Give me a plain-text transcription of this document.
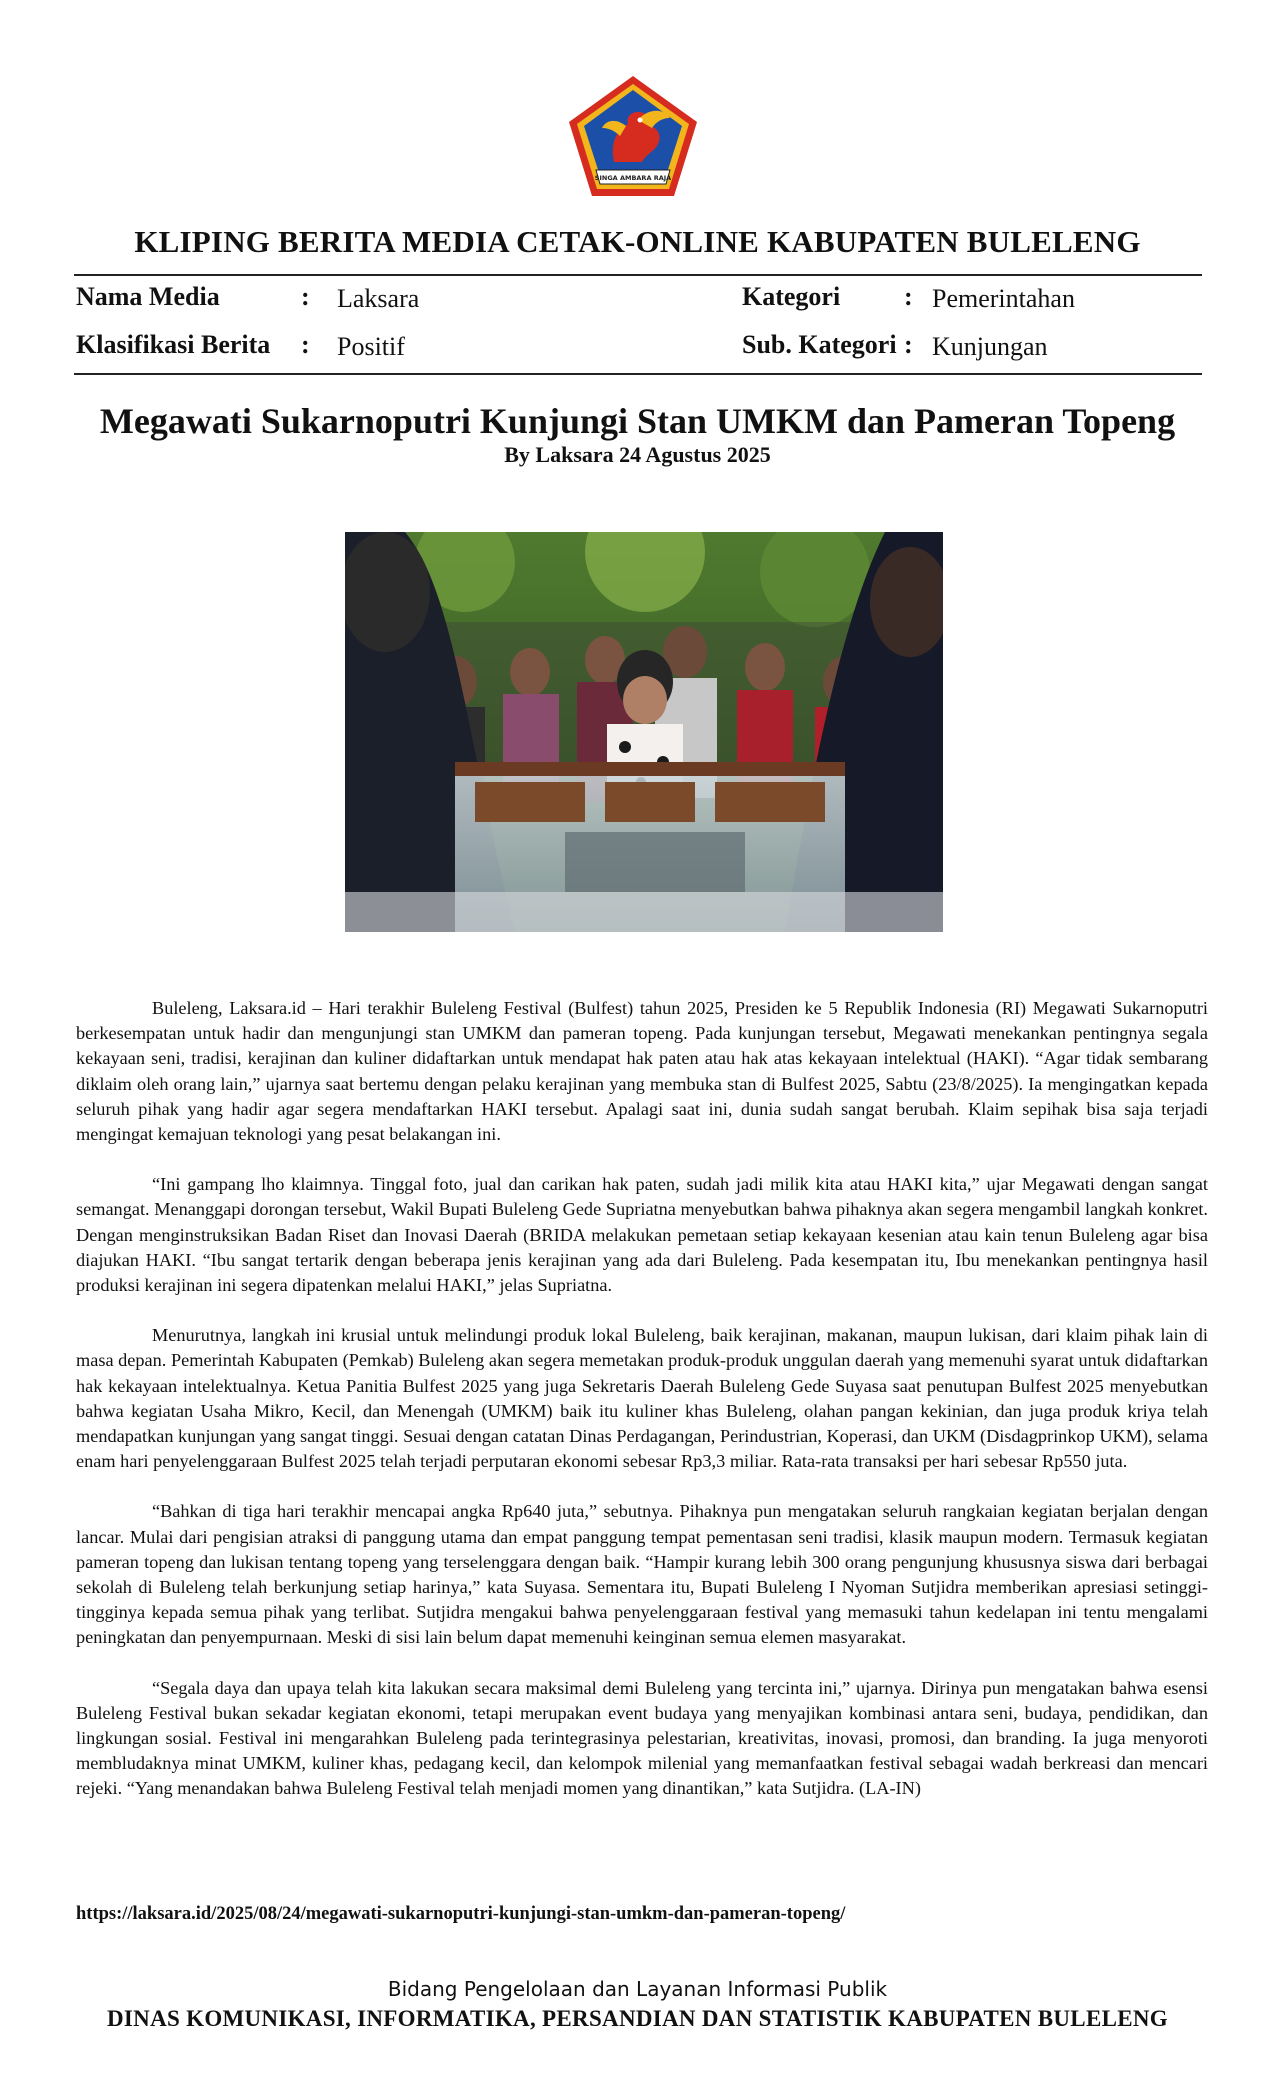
SINGA AMBARA RAJA
KLIPING BERITA MEDIA CETAK-ONLINE KABUPATEN BULELENG
Nama Media	: Laksara
Klasifikasi Berita : Positif
Kategori : Pemerintahan
Sub. Kategori : Kunjungan
Megawati Sukarnoputri Kunjungi Stan UMKM dan Pameran Topeng
By Laksara 24 Agustus 2025

Buleleng, Laksara.id – Hari terakhir Buleleng Festival (Bulfest) tahun 2025, Presiden ke 5 Republik Indonesia (RI) Megawati Sukarnoputri berkesempatan untuk hadir dan mengunjungi stan UMKM dan pameran topeng. Pada kunjungan tersebut, Megawati menekankan pentingnya segala kekayaan seni, tradisi, kerajinan dan kuliner didaftarkan untuk mendapat hak paten atau hak atas kekayaan intelektual (HAKI). “Agar tidak sembarang diklaim oleh orang lain,” ujarnya saat bertemu dengan pelaku kerajinan yang membuka stan di Bulfest 2025, Sabtu (23/8/2025). Ia mengingatkan kepada seluruh pihak yang hadir agar segera mendaftarkan HAKI tersebut. Apalagi saat ini, dunia sudah sangat berubah. Klaim sepihak bisa saja terjadi mengingat kemajuan teknologi yang pesat belakangan ini.

“Ini gampang lho klaimnya. Tinggal foto, jual dan carikan hak paten, sudah jadi milik kita atau HAKI kita,” ujar Megawati dengan sangat semangat. Menanggapi dorongan tersebut, Wakil Bupati Buleleng Gede Supriatna menyebutkan bahwa pihaknya akan segera mengambil langkah konkret. Dengan menginstruksikan Badan Riset dan Inovasi Daerah (BRIDA melakukan pemetaan setiap kekayaan kesenian atau kain tenun Buleleng agar bisa diajukan HAKI. “Ibu sangat tertarik dengan beberapa jenis kerajinan yang ada dari Buleleng. Pada kesempatan itu, Ibu menekankan pentingnya hasil produksi kerajinan ini segera dipatenkan melalui HAKI,” jelas Supriatna.

Menurutnya, langkah ini krusial untuk melindungi produk lokal Buleleng, baik kerajinan, makanan, maupun lukisan, dari klaim pihak lain di masa depan. Pemerintah Kabupaten (Pemkab) Buleleng akan segera memetakan produk-produk unggulan daerah yang memenuhi syarat untuk didaftarkan hak kekayaan intelektualnya. Ketua Panitia Bulfest 2025 yang juga Sekretaris Daerah Buleleng Gede Suyasa saat penutupan Bulfest 2025 menyebutkan bahwa kegiatan Usaha Mikro, Kecil, dan Menengah (UMKM) baik itu kuliner khas Buleleng, olahan pangan kekinian, dan juga produk kriya telah mendapatkan kunjungan yang sangat tinggi. Sesuai dengan catatan Dinas Perdagangan, Perindustrian, Koperasi, dan UKM (Disdagprinkop UKM), selama enam hari penyelenggaraan Bulfest 2025 telah terjadi perputaran ekonomi sebesar Rp3,3 miliar. Rata-rata transaksi per hari sebesar Rp550 juta.

“Bahkan di tiga hari terakhir mencapai angka Rp640 juta,” sebutnya. Pihaknya pun mengatakan seluruh rangkaian kegiatan berjalan dengan lancar. Mulai dari pengisian atraksi di panggung utama dan empat panggung tempat pementasan seni tradisi, klasik maupun modern. Termasuk kegiatan pameran topeng dan lukisan tentang topeng yang terselenggara dengan baik. “Hampir kurang lebih 300 orang pengunjung khususnya siswa dari berbagai sekolah di Buleleng telah berkunjung setiap harinya,” kata Suyasa. Sementara itu, Bupati Buleleng I Nyoman Sutjidra memberikan apresiasi setinggi-tingginya kepada semua pihak yang terlibat. Sutjidra mengakui bahwa penyelenggaraan festival yang memasuki tahun kedelapan ini tentu mengalami peningkatan dan penyempurnaan. Meski di sisi lain belum dapat memenuhi keinginan semua elemen masyarakat.

“Segala daya dan upaya telah kita lakukan secara maksimal demi Buleleng yang tercinta ini,” ujarnya. Dirinya pun mengatakan bahwa esensi Buleleng Festival bukan sekadar kegiatan ekonomi, tetapi merupakan event budaya yang menyajikan kombinasi antara seni, budaya, pendidikan, dan lingkungan sosial. Festival ini mengarahkan Buleleng pada terintegrasinya pelestarian, kreativitas, inovasi, promosi, dan branding. Ia juga menyoroti membludaknya minat UMKM, kuliner khas, pedagang kecil, dan kelompok milenial yang memanfaatkan festival sebagai wadah berkreasi dan mencari rejeki. “Yang menandakan bahwa Buleleng Festival telah menjadi momen yang dinantikan,” kata Sutjidra. (LA-IN)

https://laksara.id/2025/08/24/megawati-sukarnoputri-kunjungi-stan-umkm-dan-pameran-topeng/
Bidang Pengelolaan dan Layanan Informasi Publik
DINAS KOMUNIKASI, INFORMATIKA, PERSANDIAN DAN STATISTIK KABUPATEN BULELENG
